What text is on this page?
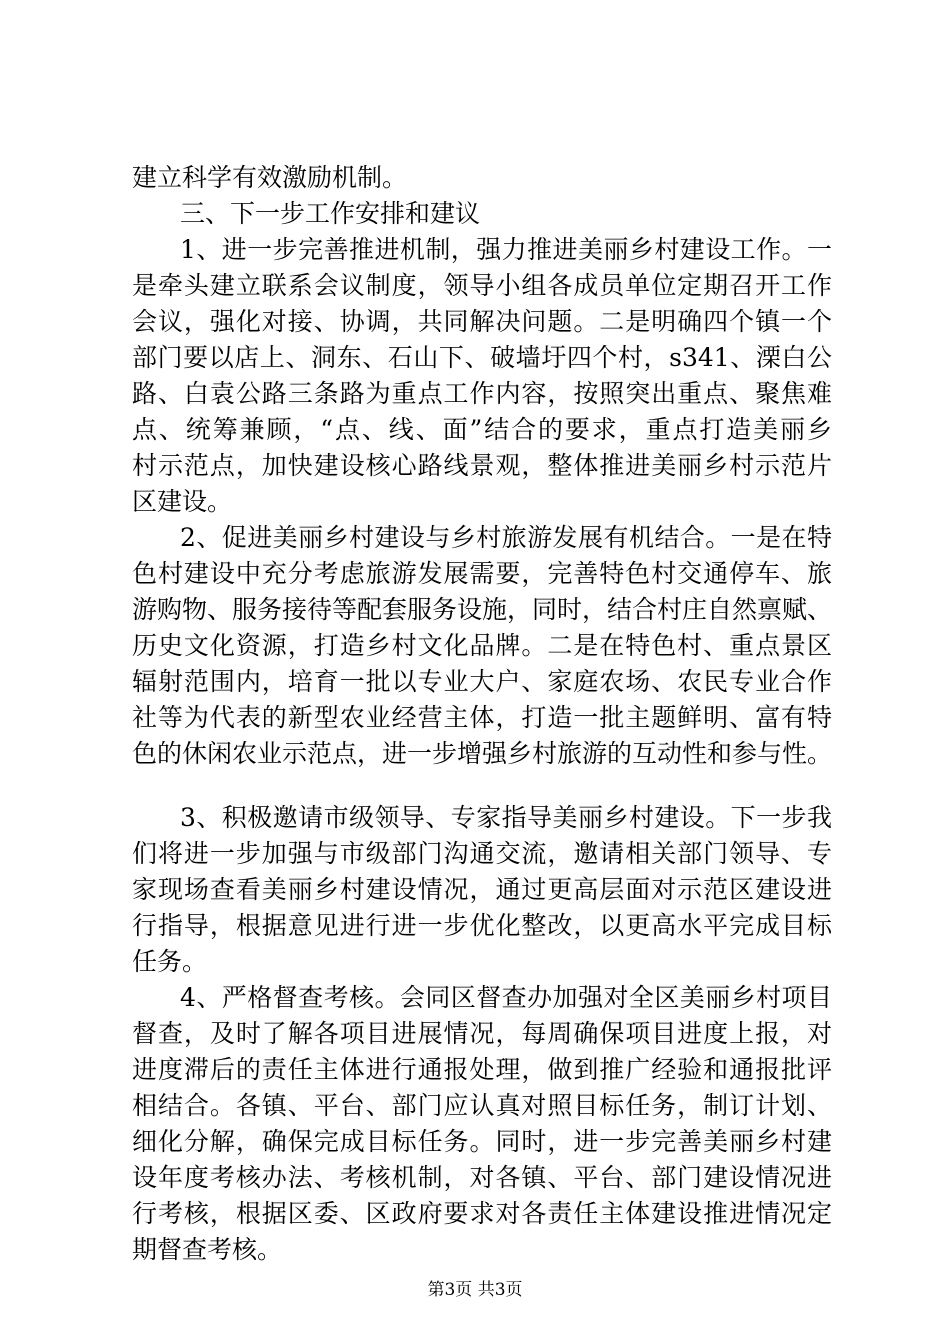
建立科学有效激励机制。
三、下一步工作安排和建议
1、进一步完善推进机制，强力推进美丽乡村建设工作。一
是牵头建立联系会议制度，领导小组各成员单位定期召开工作
会议，强化对接、协调，共同解决问题。二是明确四个镇一个
部门要以店上、洞东、石山下、破墙圩四个村，s341、溧白公
路、白袁公路三条路为重点工作内容，按照突出重点、聚焦难
点、统筹兼顾，“点、线、面”结合的要求，重点打造美丽乡
村示范点，加快建设核心路线景观，整体推进美丽乡村示范片
区建设。
2、促进美丽乡村建设与乡村旅游发展有机结合。一是在特
色村建设中充分考虑旅游发展需要，完善特色村交通停车、旅
游购物、服务接待等配套服务设施，同时，结合村庄自然禀赋、
历史文化资源，打造乡村文化品牌。二是在特色村、重点景区
辐射范围内，培育一批以专业大户、家庭农场、农民专业合作
社等为代表的新型农业经营主体，打造一批主题鲜明、富有特
色的休闲农业示范点，进一步增强乡村旅游的互动性和参与性。
3、积极邀请市级领导、专家指导美丽乡村建设。下一步我
们将进一步加强与市级部门沟通交流，邀请相关部门领导、专
家现场查看美丽乡村建设情况，通过更高层面对示范区建设进
行指导，根据意见进行进一步优化整改，以更高水平完成目标
任务。
4、严格督查考核。会同区督查办加强对全区美丽乡村项目
督查，及时了解各项目进展情况，每周确保项目进度上报，对
进度滞后的责任主体进行通报处理，做到推广经验和通报批评
相结合。各镇、平台、部门应认真对照目标任务，制订计划、
细化分解，确保完成目标任务。同时，进一步完善美丽乡村建
设年度考核办法、考核机制，对各镇、平台、部门建设情况进
行考核，根据区委、区政府要求对各责任主体建设推进情况定
期督查考核。
第3页 共3页
